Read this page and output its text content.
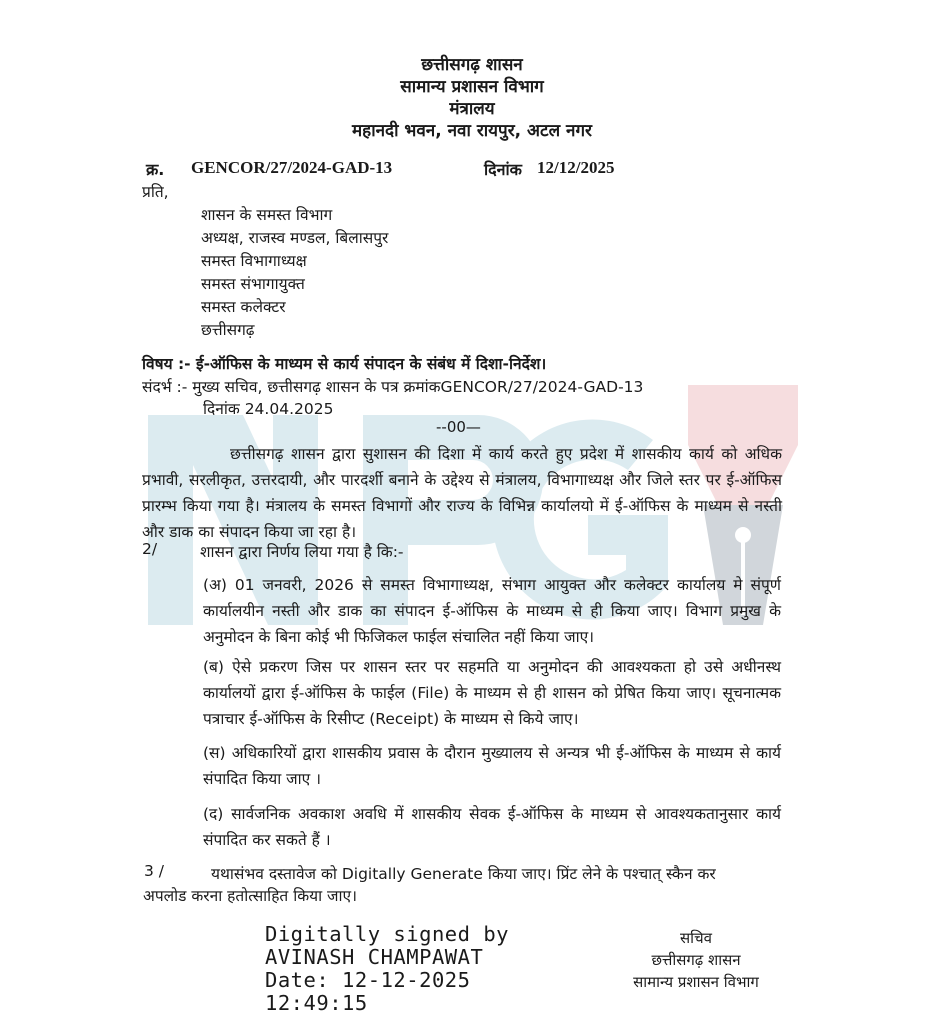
छत्तीसगढ़ शासन
सामान्य प्रशासन विभाग
मंत्रालय
महानदी भवन, नवा रायपुर, अटल नगर
क्र. GENCOR/27/2024-GAD-13	दिनांक 12/12/2025
प्रति,
शासन के समस्त विभाग
अध्यक्ष, राजस्व मण्डल, बिलासपुर
समस्त विभागाध्यक्ष
समस्त संभागायुक्त
समस्त कलेक्टर
छत्तीसगढ़
विषय :- ई-ऑफिस के माध्यम से कार्य संपादन के संबंध में दिशा-निर्देश।
संदर्भ :- मुख्य सचिव, छत्तीसगढ़ शासन के पत्र क्रमांकGENCOR/27/2024-GAD-13
दिनांक 24.04.2025
--00—
छत्तीसगढ़ शासन द्वारा सुशासन की दिशा में कार्य करते हुए प्रदेश में शासकीय कार्य को अधिक प्रभावी, सरलीकृत, उत्तरदायी, और पारदर्शी बनाने के उद्देश्य से मंत्रालय, विभागाध्यक्ष और जिले स्तर पर ई-ऑफिस प्रारम्भ किया गया है। मंत्रालय के समस्त विभागों और राज्य के विभिन्न कार्यालयो में ई-ऑफिस के माध्यम से नस्ती और डाक का संपादन किया जा रहा है।
2/	शासन द्वारा निर्णय लिया गया है कि:-
(अ) 01 जनवरी, 2026 से समस्त विभागाध्यक्ष, संभाग आयुक्त और कलेक्टर कार्यालय मे संपूर्ण कार्यालयीन नस्ती और डाक का संपादन ई-ऑफिस के माध्यम से ही किया जाए। विभाग प्रमुख के अनुमोदन के बिना कोई भी फिजिकल फाईल संचालित नहीं किया जाए।
(ब) ऐसे प्रकरण जिस पर शासन स्तर पर सहमति या अनुमोदन की आवश्यकता हो उसे अधीनस्थ कार्यालयों द्वारा ई-ऑफिस के फाईल (File) के माध्यम से ही शासन को प्रेषित किया जाए। सूचनात्मक पत्राचार ई-ऑफिस के रिसीप्ट (Receipt) के माध्यम से किये जाए।
(स) अधिकारियों द्वारा शासकीय प्रवास के दौरान मुख्यालय से अन्यत्र भी ई-ऑफिस के माध्यम से कार्य संपादित किया जाए ।
(द) सार्वजनिक अवकाश अवधि में शासकीय सेवक ई-ऑफिस के माध्यम से आवश्यकतानुसार कार्य संपादित कर सकते हैं ।
3 /	यथासंभव दस्तावेज को Digitally Generate किया जाए। प्रिंट लेने के पश्चात् स्कैन कर
अपलोड करना हतोत्साहित किया जाए।
Digitally signed by
AVINASH CHAMPAWAT
Date: 12-12-2025
12:49:15
सचिव
छत्तीसगढ़ शासन
सामान्य प्रशासन विभाग
